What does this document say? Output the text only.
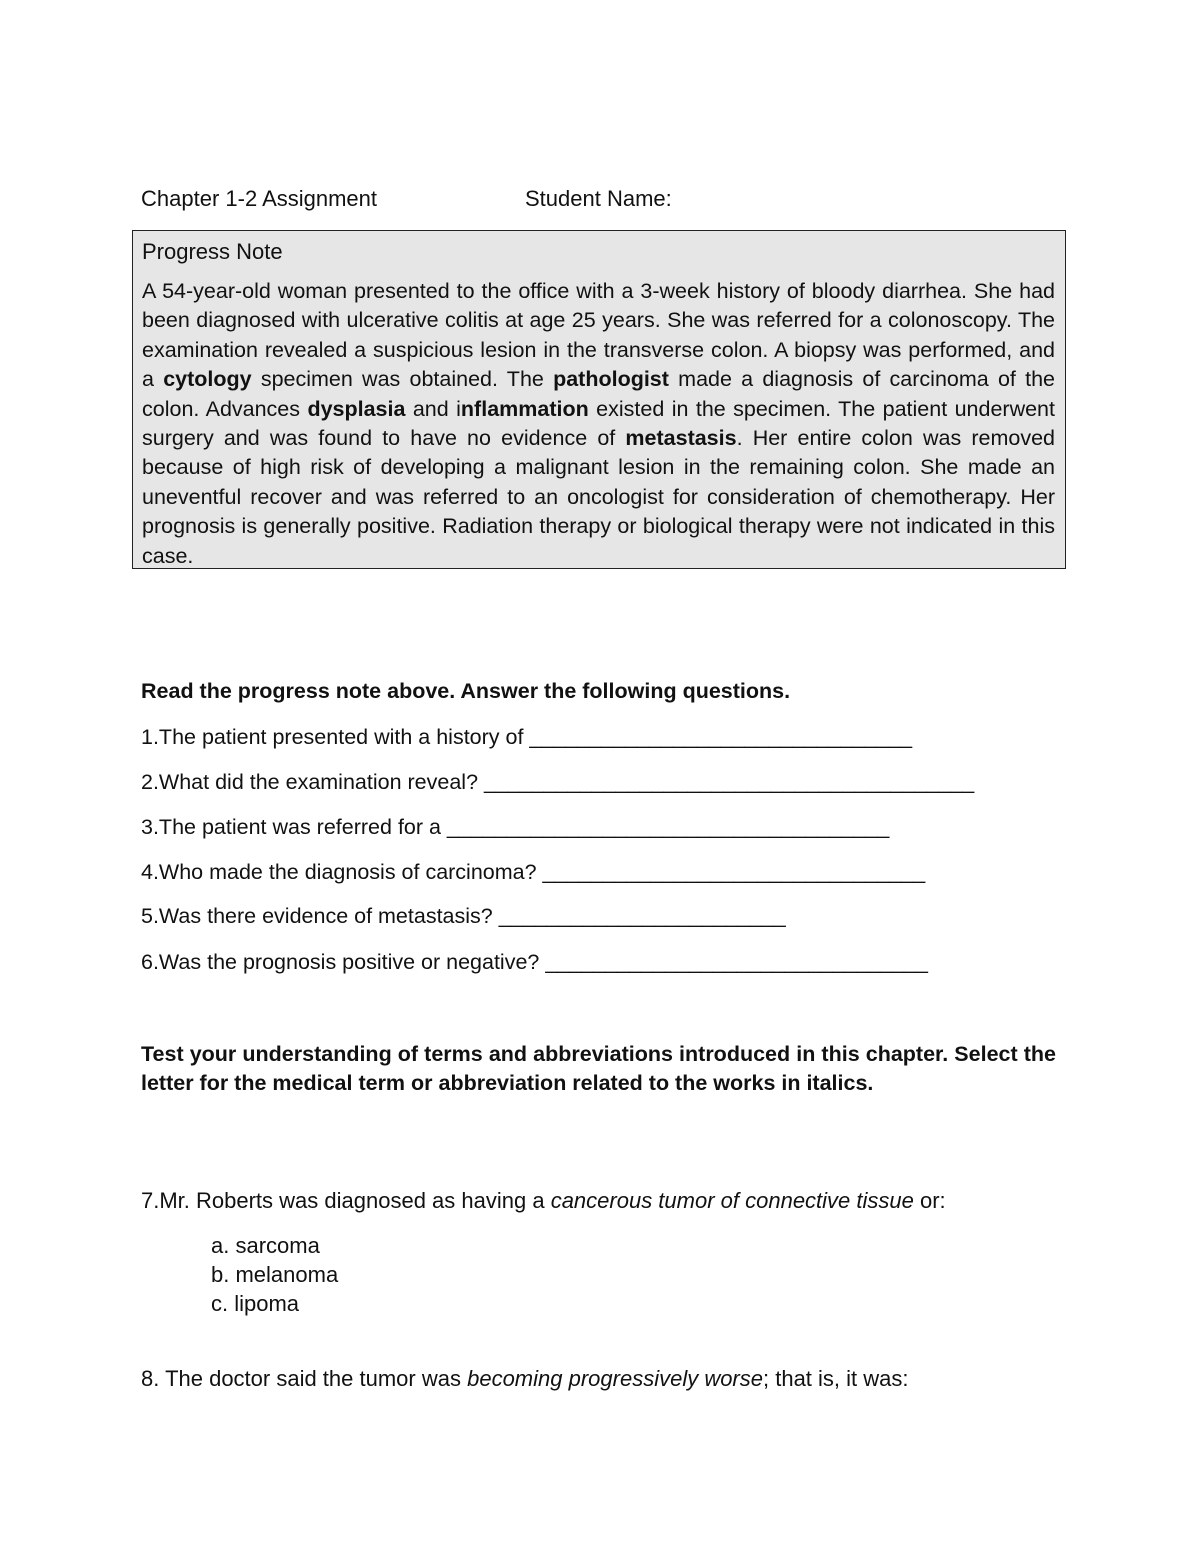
Chapter 1-2 Assignment	Student Name:
Progress Note

A 54-year-old woman presented to the office with a 3-week history of bloody diarrhea. She had been diagnosed with ulcerative colitis at age 25 years. She was referred for a colonoscopy. The examination revealed a suspicious lesion in the transverse colon. A biopsy was performed, and a cytology specimen was obtained. The pathologist made a diagnosis of carcinoma of the colon. Advances dysplasia and inflammation existed in the specimen. The patient underwent surgery and was found to have no evidence of metastasis. Her entire colon was removed because of high risk of developing a malignant lesion in the remaining colon. She made an uneventful recover and was referred to an oncologist for consideration of chemotherapy. Her prognosis is generally positive. Radiation therapy or biological therapy were not indicated in this case.

Read the progress note above. Answer the following questions.
1.The patient presented with a history of ________________________________
2.What did the examination reveal? _________________________________________
3.The patient was referred for a _____________________________________
4.Who made the diagnosis of carcinoma? ________________________________
5.Was there evidence of metastasis? ________________________
6.Was the prognosis positive or negative? ________________________________

Test your understanding of terms and abbreviations introduced in this chapter. Select the letter for the medical term or abbreviation related to the works in italics.

7.Mr. Roberts was diagnosed as having a cancerous tumor of connective tissue or:
a. sarcoma
b. melanoma
c. lipoma
8. The doctor said the tumor was becoming progressively worse; that is, it was:
